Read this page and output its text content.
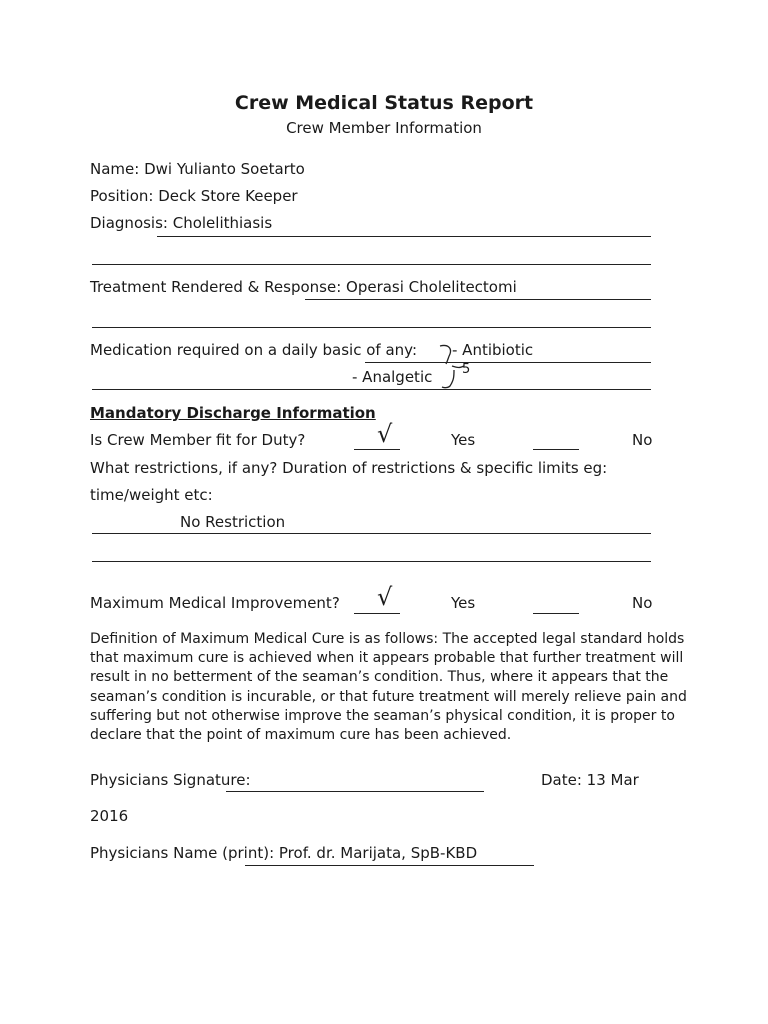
Crew Medical Status Report
Crew Member Information
Name: Dwi Yulianto Soetarto
Position: Deck Store Keeper
Diagnosis: Cholelithiasis
Treatment Rendered & Response: Operasi Cholelitectomi
Medication required on a daily basic of any: - Antibiotic
- Analgetic 5
Mandatory Discharge Information
Is Crew Member fit for Duty?	√	Yes	No
What restrictions, if any? Duration of restrictions & specific limits eg:
time/weight etc:
No Restriction
Maximum Medical Improvement? √	Yes	No
Definition of Maximum Medical Cure is as follows: The accepted legal standard holds that maximum cure is achieved when it appears probable that further treatment will result in no betterment of the seaman’s condition. Thus, where it appears that the seaman’s condition is incurable, or that future treatment will merely relieve pain and suffering but not otherwise improve the seaman’s physical condition, it is proper to declare that the point of maximum cure has been achieved.
Physicians Signature:	Date: 13 Mar
2016
Physicians Name (print): Prof. dr. Marijata, SpB-KBD
